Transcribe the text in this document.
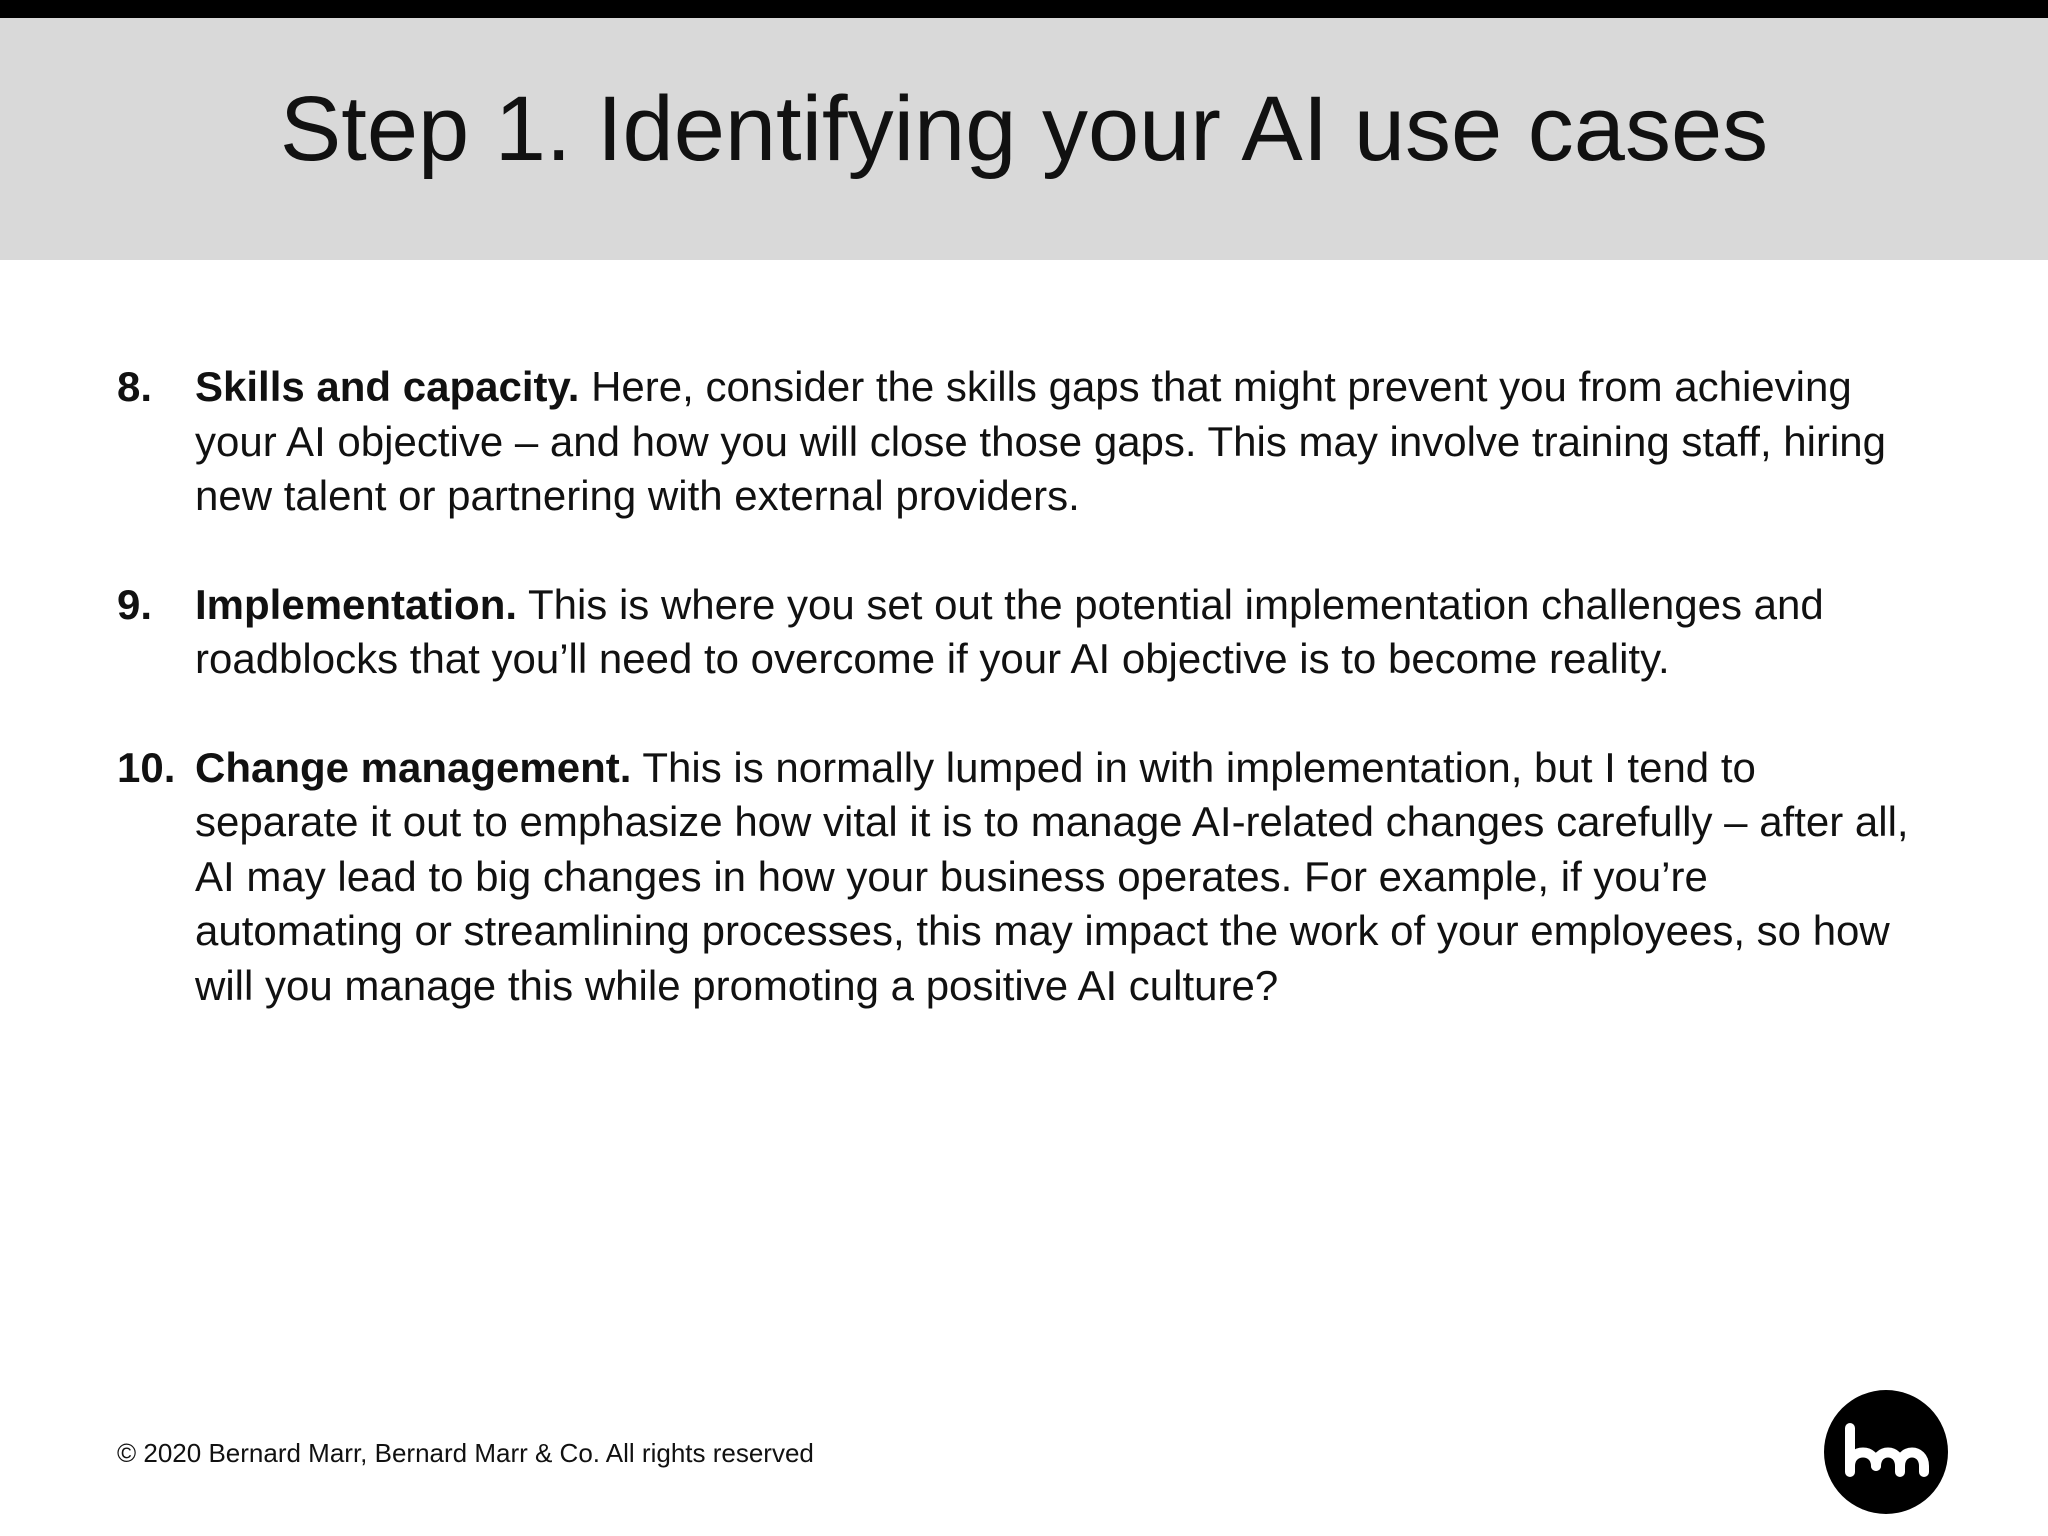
Step 1. Identifying your AI use cases
8.	Skills and capacity. Here, consider the skills gaps that might prevent you from achieving your AI objective – and how you will close those gaps. This may involve training staff, hiring new talent or partnering with external providers.
9.	Implementation. This is where you set out the potential implementation challenges and roadblocks that you’ll need to overcome if your AI objective is to become reality.
10. Change management. This is normally lumped in with implementation, but I tend to separate it out to emphasize how vital it is to manage AI-related changes carefully – after all, AI may lead to big changes in how your business operates. For example, if you’re automating or streamlining processes, this may impact the work of your employees, so how will you manage this while promoting a positive AI culture?
© 2020 Bernard Marr, Bernard Marr & Co. All rights reserved
